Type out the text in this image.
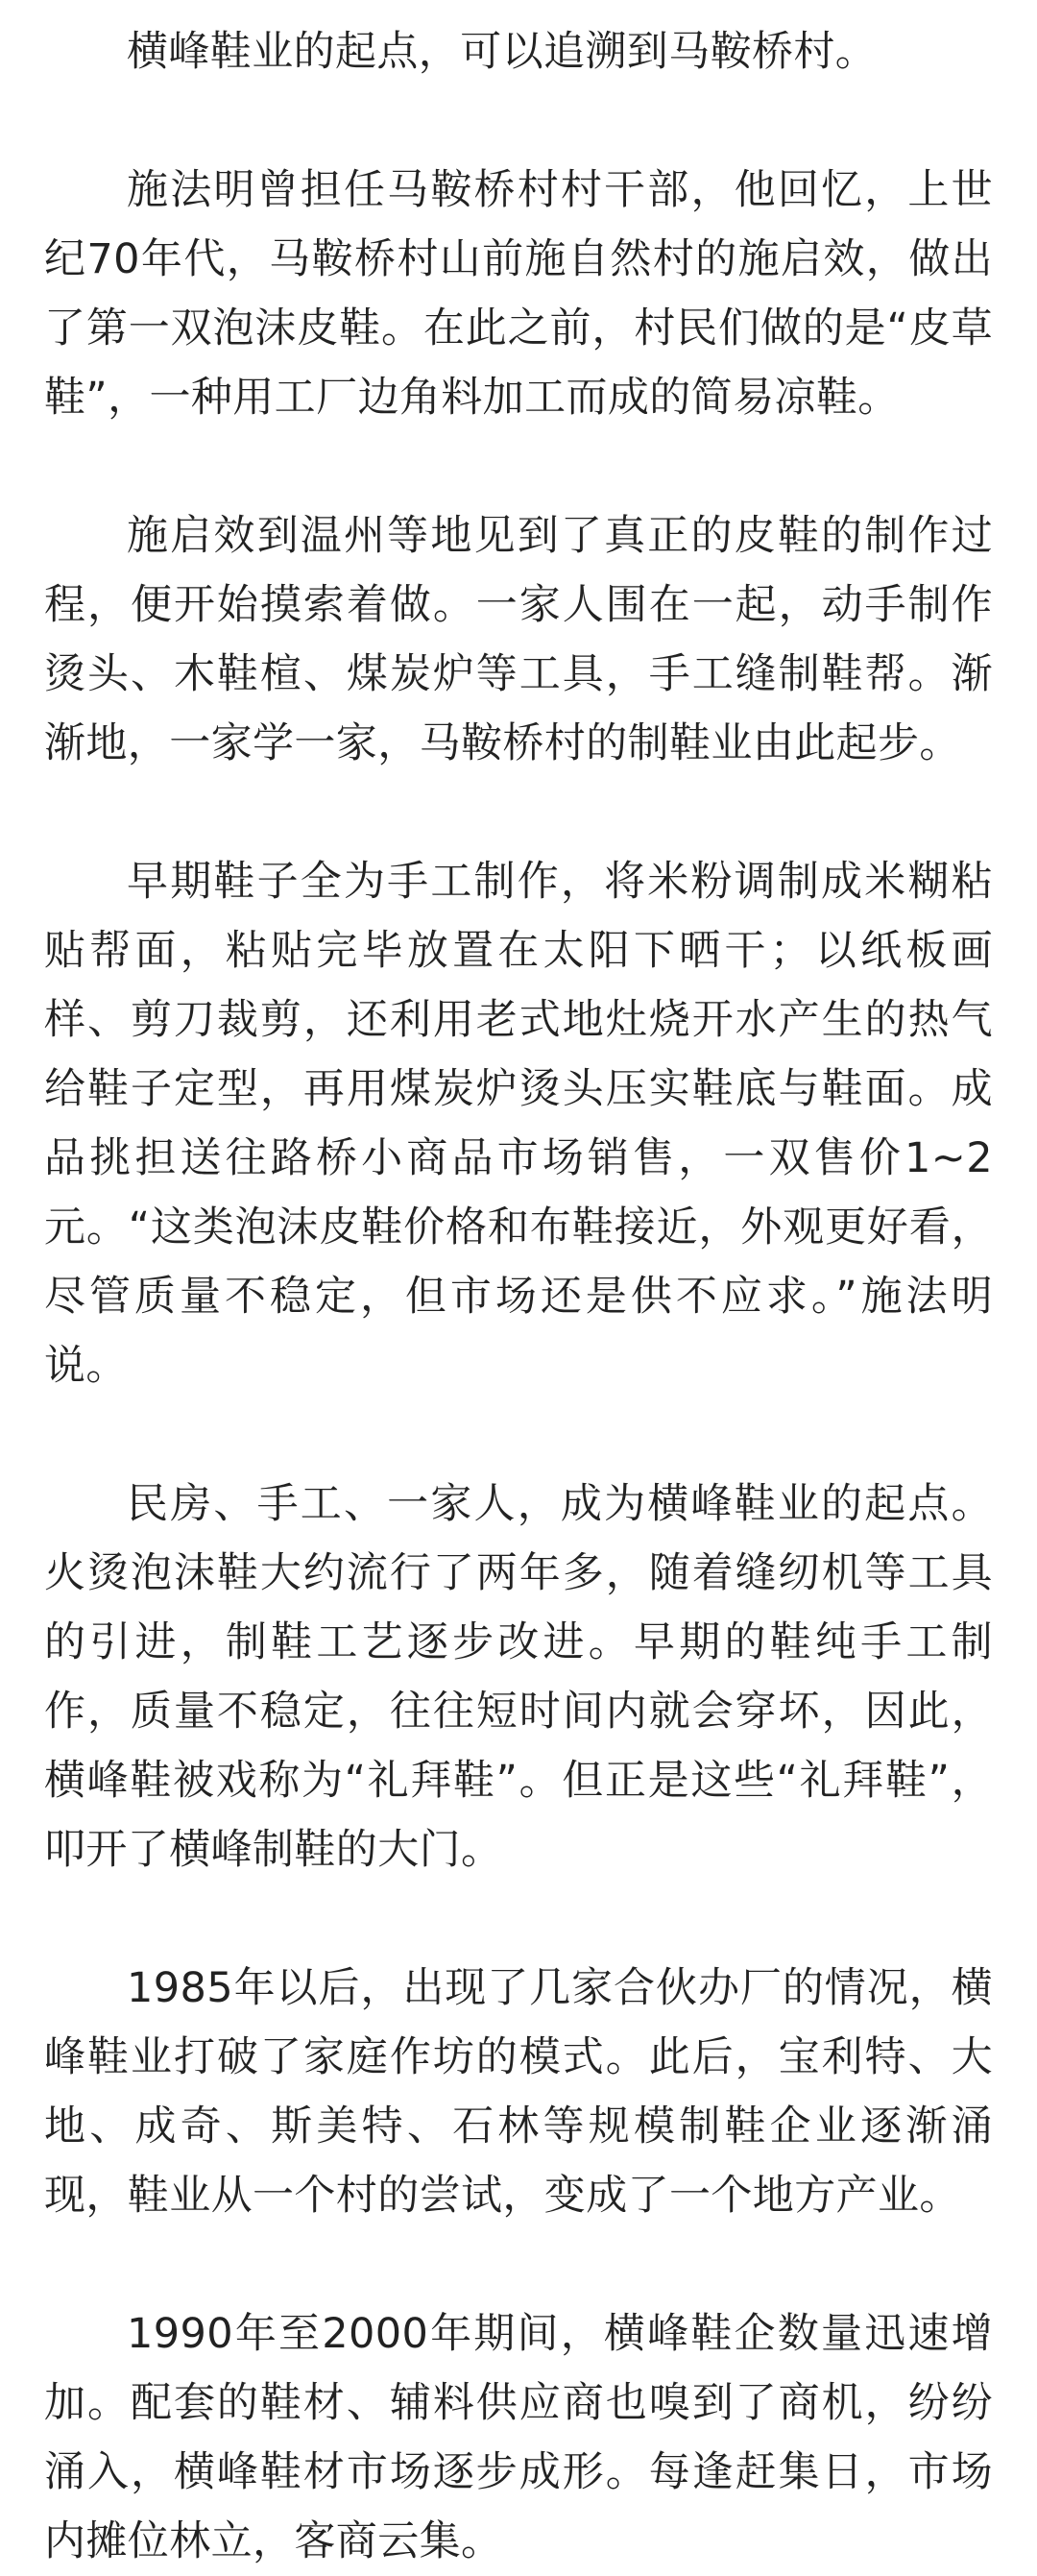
横峰鞋业的起点，可以追溯到马鞍桥村。

施法明曾担任马鞍桥村村干部，他回忆，上世纪70年代，马鞍桥村山前施自然村的施启效，做出了第一双泡沫皮鞋。在此之前，村民们做的是“皮草鞋”，一种用工厂边角料加工而成的简易凉鞋。

施启效到温州等地见到了真正的皮鞋的制作过程，便开始摸索着做。一家人围在一起，动手制作烫头、木鞋楦、煤炭炉等工具，手工缝制鞋帮。渐渐地，一家学一家，马鞍桥村的制鞋业由此起步。

早期鞋子全为手工制作，将米粉调制成米糊粘贴帮面，粘贴完毕放置在太阳下晒干；以纸板画样、剪刀裁剪，还利用老式地灶烧开水产生的热气给鞋子定型，再用煤炭炉烫头压实鞋底与鞋面。成品挑担送往路桥小商品市场销售，一双售价1~2元。“这类泡沫皮鞋价格和布鞋接近，外观更好看，尽管质量不稳定，但市场还是供不应求。”施法明说。

民房、手工、一家人，成为横峰鞋业的起点。火烫泡沫鞋大约流行了两年多，随着缝纫机等工具的引进，制鞋工艺逐步改进。早期的鞋纯手工制作，质量不稳定，往往短时间内就会穿坏，因此，横峰鞋被戏称为“礼拜鞋”。但正是这些“礼拜鞋”，叩开了横峰制鞋的大门。

1985年以后，出现了几家合伙办厂的情况，横峰鞋业打破了家庭作坊的模式。此后，宝利特、大地、成奇、斯美特、石林等规模制鞋企业逐渐涌现，鞋业从一个村的尝试，变成了一个地方产业。

1990年至2000年期间，横峰鞋企数量迅速增加。配套的鞋材、辅料供应商也嗅到了商机，纷纷涌入，横峰鞋材市场逐步成形。每逢赶集日，市场内摊位林立，客商云集。
